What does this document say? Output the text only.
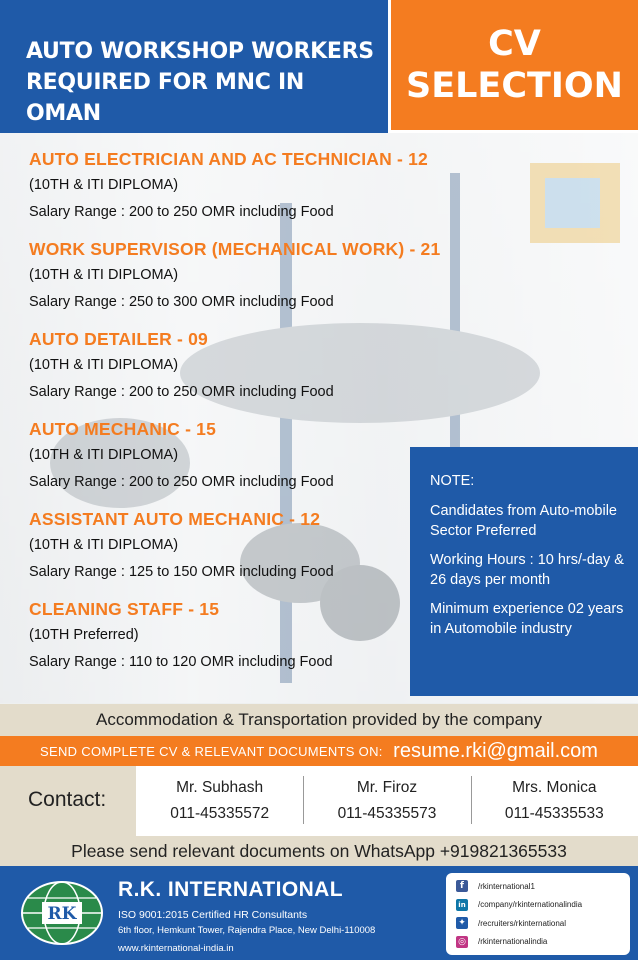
AUTO WORKSHOP WORKERS
REQUIRED FOR MNC IN OMAN
CV
SELECTION
AUTO ELECTRICIAN AND AC TECHNICIAN - 12
(10TH & ITI DIPLOMA)
Salary Range : 200 to 250 OMR including Food
WORK SUPERVISOR (MECHANICAL WORK) - 21
(10TH & ITI DIPLOMA)
Salary Range : 250 to 300 OMR including Food
AUTO DETAILER - 09
(10TH & ITI DIPLOMA)
Salary Range : 200 to 250 OMR including Food
AUTO MECHANIC - 15
(10TH & ITI DIPLOMA)
Salary Range : 200 to 250 OMR including Food
ASSISTANT AUTO MECHANIC - 12
(10TH & ITI DIPLOMA)
Salary Range : 125 to 150 OMR including Food
CLEANING STAFF - 15
(10TH Preferred)
Salary Range : 110 to 120 OMR including Food

NOTE:

Candidates from Auto-mobile Sector Preferred

Working Hours : 10 hrs/-day & 26 days per month

Minimum experience 02 years in Automobile industry

Accommodation & Transportation provided by the company
SEND COMPLETE CV & RELEVANT DOCUMENTS ON: resume.rki@gmail.com
Contact:
Mr. Subhash
011-45335572
Mr. Firoz
011-45335573
Mrs. Monica
011-45335533
Please send relevant documents on WhatsApp +919821365533
RK
R.K. INTERNATIONAL
ISO 9001:2015 Certified HR Consultants
6th floor, Hemkunt Tower, Rajendra Place, New Delhi-110008
www.rkinternational-india.in
f	/rkinternational1
in /company/rkinternationalindia
✦ /recruiters/rkinternational
◎ /rkinternationalindia
